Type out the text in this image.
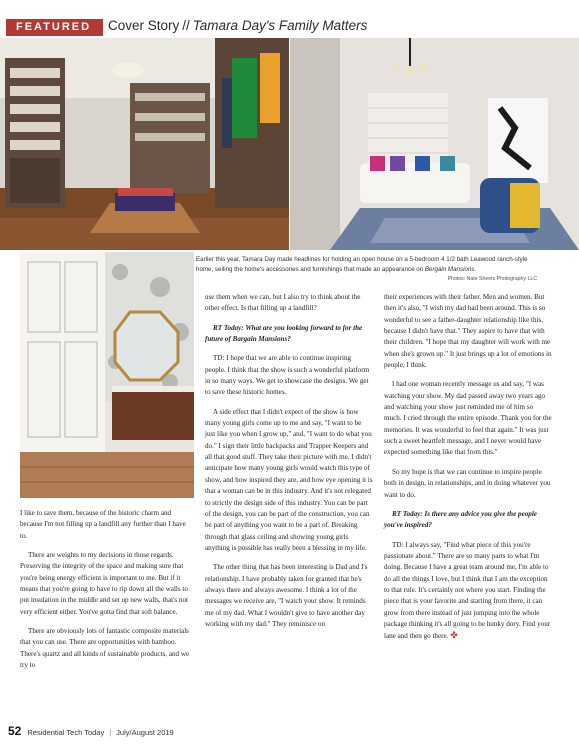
FEATURED	Cover Story // Tamara Day's Family Matters
Earlier this year, Tamara Day made headlines for holding an open house on a 5-bedroom 4 1/2 bath Leawood ranch-style home, selling the home's accessories and furnishings that made an appearance on Bergain Mansions.
Photos: Nate Sheets Photography LLC

I like to save them, because of the historic charm and because I'm not filling up a landfill any further than I have to.

There are weights to my decisions in those regards. Preserving the integrity of the space and making sure that you're being energy efficient is important to me. But if it means that you're going to have to rip down all the walls to put insulation in the middle and set up new walls, that's not very efficient either. You've gotta find that soft balance.

There are obviously lots of fantastic composite materials that you can use. There are opportunities with bamboo. There's quartz and all kinds of sustainable products, and we try to

use them when we can, but I also try to think about the other effect. Is that filling up a landfill?

RT Today: What are you looking forward to for the future of Bargain Mansions?

TD: I hope that we are able to continue inspiring people. I think that the show is such a wonderful platform in so many ways. We get to showcase the designs. We get to save these historic homes.

A side effect that I didn't expect of the show is how many young girls come up to me and say, "I want to be just like you when I grow up," and, "I want to do what you do." I sign their little backpacks and Trapper Keepers and all that good stuff. They take their picture with me. I didn't anticipate how many young girls would watch this type of show, and how inspired they are, and how eye opening it is that a woman can be in this industry. And it's not relegated to strictly the design side of this industry. You can be part of the design, you can be part of the construction, you can be part of anything you want to be a part of. Breaking through that glass ceiling and showing young girls anything is possible has really been a blessing in my life.

The other thing that has been interesting is Dad and I's relationship. I have probably taken for granted that he's always there and always awesome. I think a lot of the messages we receive are, "I watch your show. It reminds me of my dad. What I wouldn't give to have another day working with my dad." They reminisce on

their experiences with their father. Men and women. But then it's also, "I wish my dad had been around. This is so wonderful to see a father-daughter relationship like this, because I didn't have that." They aspire to have that with their children. "I hope that my daughter will work with me when she's grown up." It just brings up a lot of emotions in people, I think.

I had one woman recently message us and say, "I was watching your show. My dad passed away two years ago and watching your show just reminded me of him so much. I cried through the entire episode. Thank you for the memories. It was wonderful to feel that again." It was just such a sweet heartfelt message, and I never would have expected something like that from this."

So my hope is that we can continue to inspire people both in design, in relationships, and in doing whatever you want to do.

RT Today: Is there any advice you give the people you've inspired?

TD: I always say, "Find what piece of this you're passionate about." There are so many parts to what I'm doing. Because I have a great team around me, I'm able to do all the things I love, but I think that I am the exception to that rule. It's certainly not where you start. Finding the piece that is your favorite and starting from there, it can grow from there instead of just jumping into the whole package thinking it's all going to be hunky dory. Find your lane and then go there. ✤

52 Residential Tech Today | July/August 2019
